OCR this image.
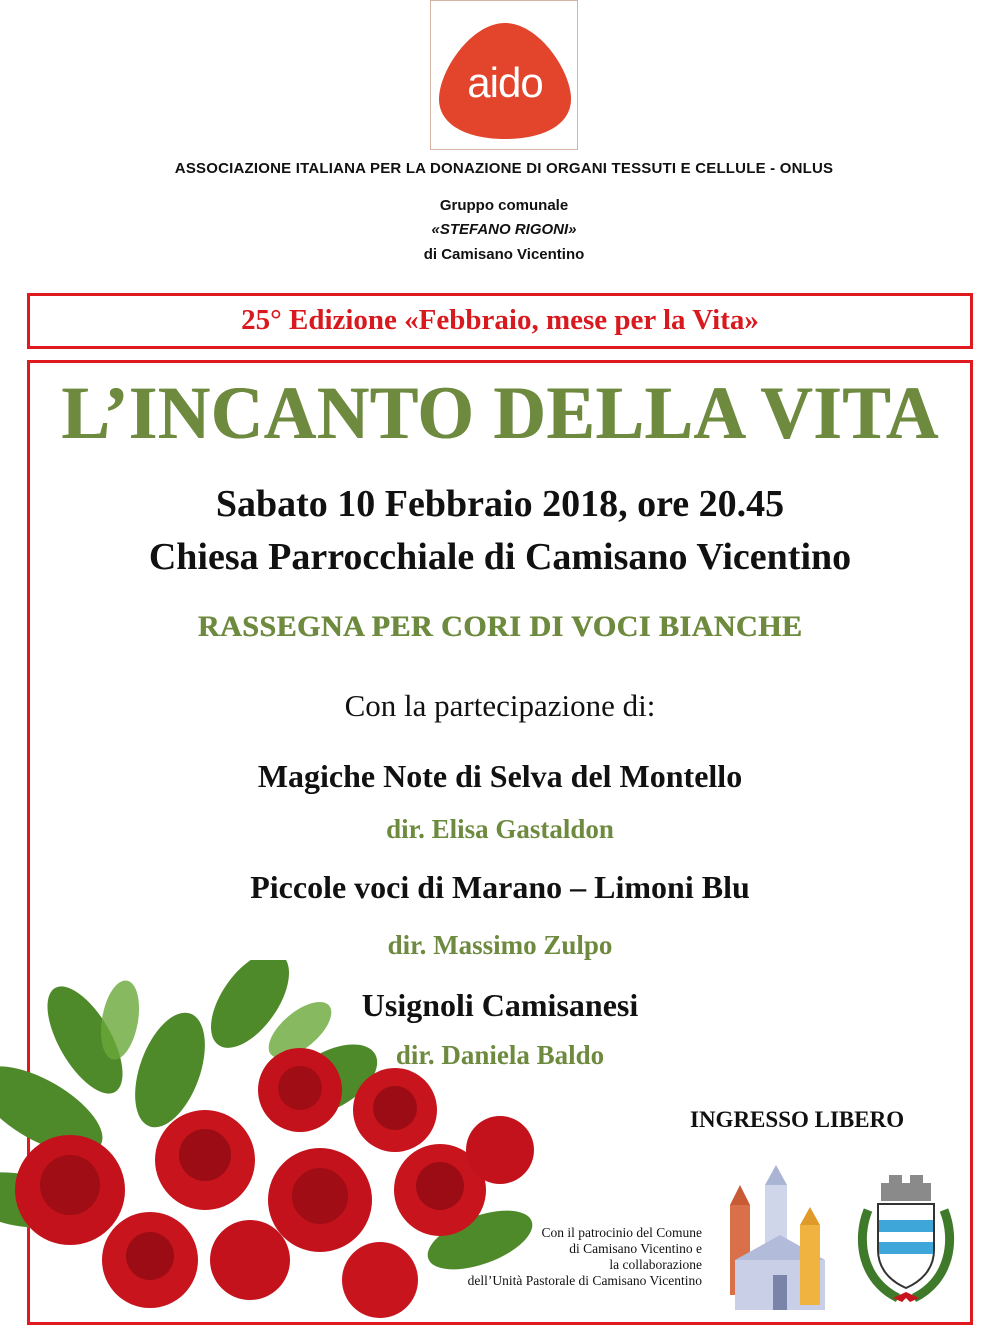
aido
ASSOCIAZIONE ITALIANA PER LA DONAZIONE DI ORGANI TESSUTI E CELLULE - ONLUS
Gruppo comunale
«STEFANO RIGONI»
di Camisano Vicentino
25° Edizione «Febbraio, mese per la Vita»
L’INCANTO DELLA VITA
Sabato 10 Febbraio 2018, ore 20.45
Chiesa Parrocchiale di Camisano Vicentino
RASSEGNA PER CORI DI VOCI BIANCHE
Con la partecipazione di:
Magiche Note di Selva del Montello
dir. Elisa Gastaldon
Piccole voci di Marano – Limoni Blu
dir. Massimo Zulpo
Usignoli Camisanesi
dir. Daniela Baldo
INGRESSO LIBERO
Con il patrocinio del Comune
di Camisano Vicentino e
la collaborazione
dell’Unità Pastorale di Camisano Vicentino
